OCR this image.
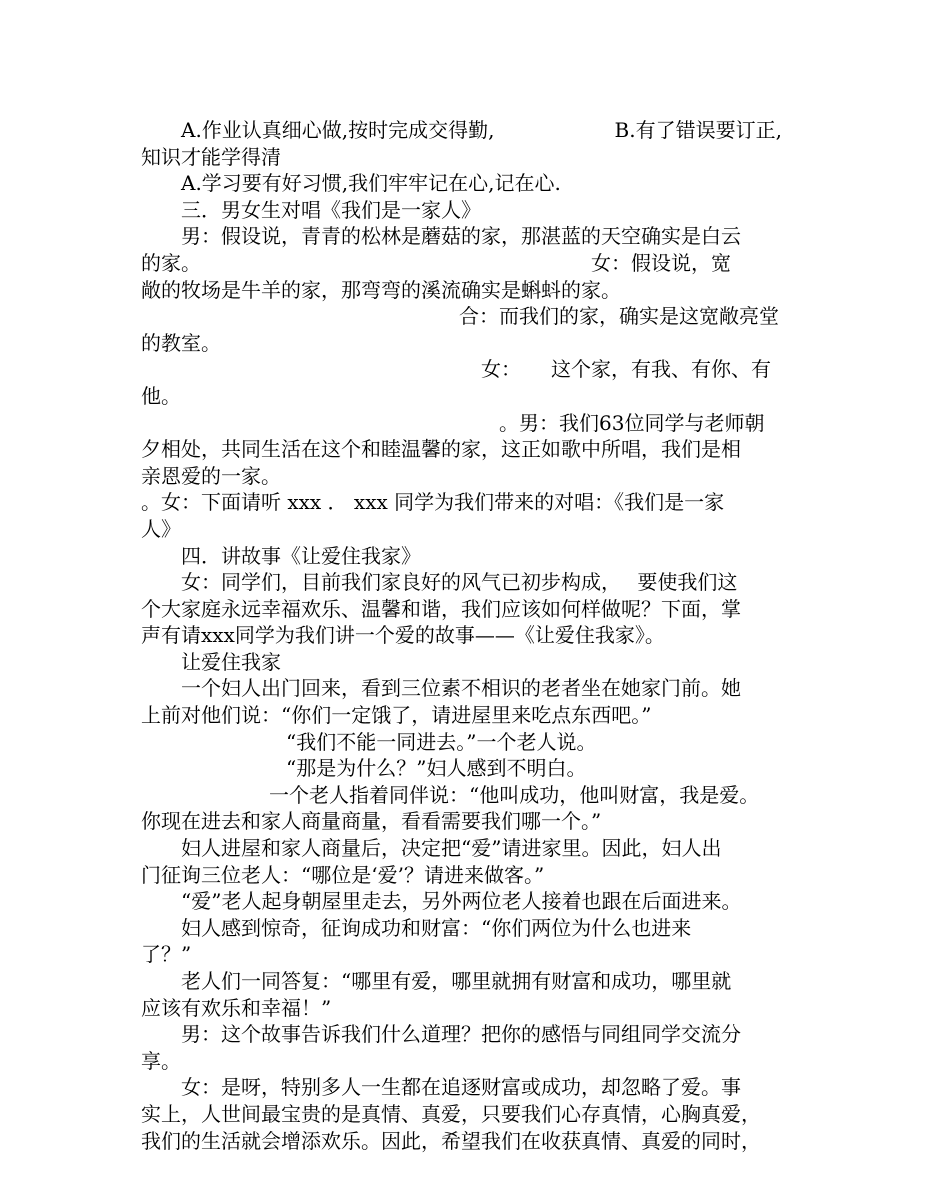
　　A.作业认真细心做,按时完成交得勤,　　　　　　B.有了错误要订正,
知识才能学得清
　　A.学习要有好习惯,我们牢牢记在心,记在心.
　　三．男女生对唱《我们是一家人》
　　男：假设说，青青的松林是蘑菇的家，那湛蓝的天空确实是白云
的家。　　　　　　　　　　　　　　　　　　　　女：假设说，宽
敞的牧场是牛羊的家，那弯弯的溪流确实是蝌蚪的家。
合：而我们的家，确实是这宽敞亮堂
的教室。
女：　　这个家，有我、有你、有
他。
。男：我们63位同学与老师朝
夕相处，共同生活在这个和睦温馨的家，这正如歌中所唱，我们是相
亲恩爱的一家。
。女：下面请听 xxx ． xxx 同学为我们带来的对唱：《我们是一家
人》
　　四．讲故事《让爱住我家》
　　女：同学们，目前我们家良好的风气已初步构成，　 要使我们这
个大家庭永远幸福欢乐、温馨和谐，我们应该如何样做呢？下面，掌
声有请xxx同学为我们讲一个爱的故事——《让爱住我家》。
　　让爱住我家
　　一个妇人出门回来，看到三位素不相识的老者坐在她家门前。她
上前对他们说：“你们一定饿了，请进屋里来吃点东西吧。”
“我们不能一同进去。”一个老人说。
“那是为什么？”妇人感到不明白。
一个老人指着同伴说：“他叫成功，他叫财富，我是爱。
你现在进去和家人商量商量，看看需要我们哪一个。”
　　妇人进屋和家人商量后，决定把“爱”请进家里。因此，妇人出
门征询三位老人：“哪位是‘爱’？请进来做客。”
　　“爱”老人起身朝屋里走去，另外两位老人接着也跟在后面进来。
　　妇人感到惊奇，征询成功和财富：“你们两位为什么也进来
了？”
　　老人们一同答复：“哪里有爱，哪里就拥有财富和成功，哪里就
应该有欢乐和幸福！”
　　男：这个故事告诉我们什么道理？把你的感悟与同组同学交流分
享。
　　女：是呀，特别多人一生都在追逐财富或成功，却忽略了爱。事
实上，人世间最宝贵的是真情、真爱，只要我们心存真情，心胸真爱，
我们的生活就会增添欢乐。因此，希望我们在收获真情、真爱的同时，
